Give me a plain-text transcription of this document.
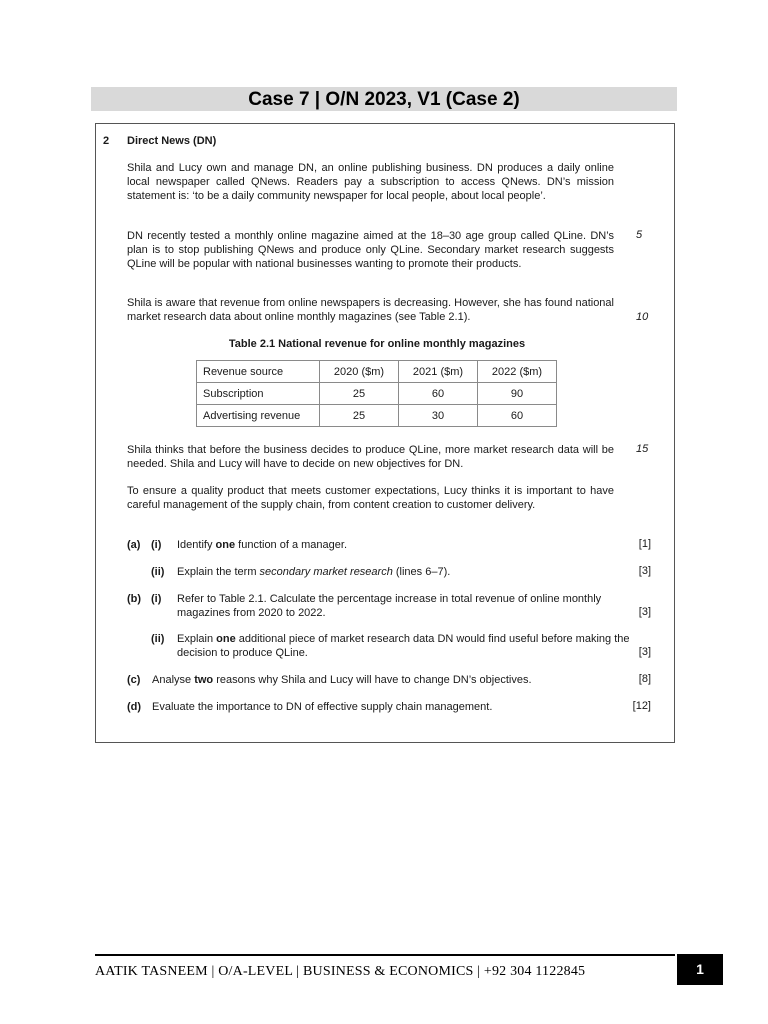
Case 7 | O/N 2023, V1 (Case 2)
2 Direct News (DN)

Shila and Lucy own and manage DN, an online publishing business. DN produces a daily online local newspaper called QNews. Readers pay a subscription to access QNews. DN’s mission statement is: ‘to be a daily community newspaper for local people, about local people’.

DN recently tested a monthly online magazine aimed at the 18–30 age group called QLine. DN’s plan is to stop publishing QNews and produce only QLine. Secondary market research suggests QLine will be popular with national businesses wanting to promote their products.

Shila is aware that revenue from online newspapers is decreasing. However, she has found national market research data about online monthly magazines (see Table 2.1).

Shila thinks that before the business decides to produce QLine, more market research data will be needed. Shila and Lucy will have to decide on new objectives for DN.

To ensure a quality product that meets customer expectations, Lucy thinks it is important to have careful management of the supply chain, from content creation to customer delivery.

5
10
15
Table 2.1 National revenue for online monthly magazines
Revenue source	2020 ($m)	2021 ($m)	2022 ($m)
Subscription	25	60	90
Advertising revenue	25	30	60
(a) (i) Identify one function of a manager.	[1]
(ii) Explain the term secondary market research (lines 6–7).	[3]
(b) (i) Refer to Table 2.1. Calculate the percentage increase in total revenue of online monthly magazines from 2020 to 2022.	[3]
(ii) Explain one additional piece of market research data DN would find useful before making the decision to produce QLine.	[3]
(c) Analyse two reasons why Shila and Lucy will have to change DN’s objectives.	[8]
(d) Evaluate the importance to DN of effective supply chain management.	[12]
AATIK TASNEEM | O/A-LEVEL | BUSINESS & ECONOMICS | +92 304 1122845	1
